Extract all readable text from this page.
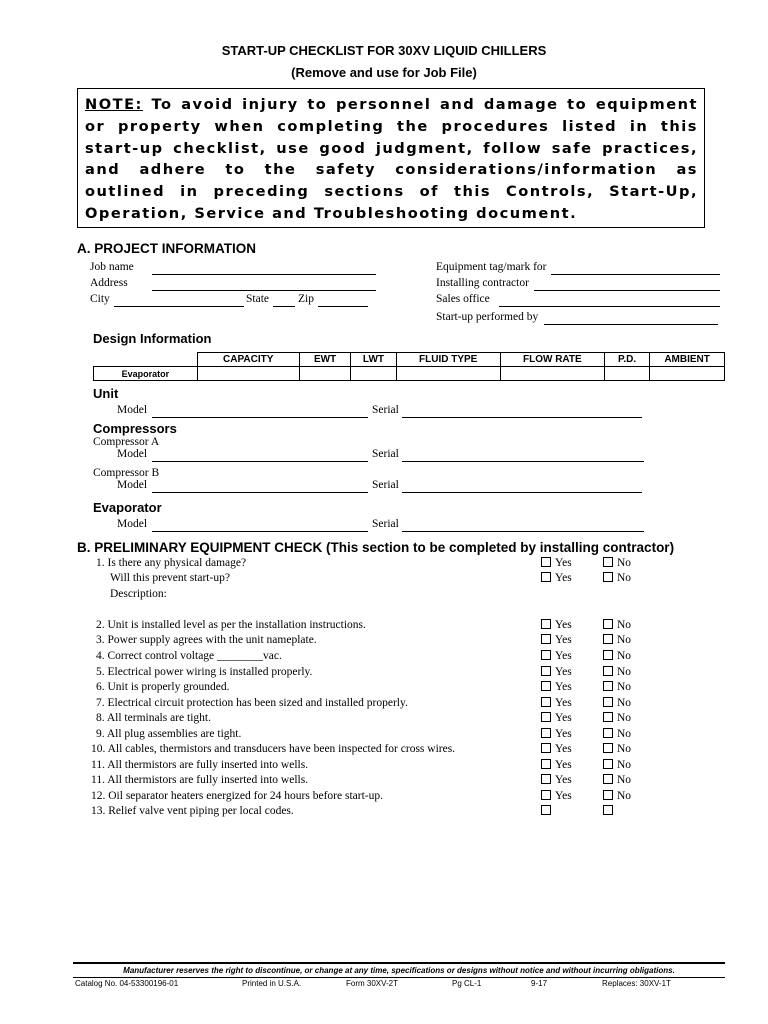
START-UP CHECKLIST FOR 30XV LIQUID CHILLERS
(Remove and use for Job File)
NOTE: To avoid injury to personnel and damage to equipment or property when completing the procedures listed in this start-up checklist, use good judgment, follow safe practices, and adhere to the safety considerations/information as outlined in preceding sections of this Controls, Start-Up, Operation, Service and Troubleshooting document.
A. PROJECT INFORMATION
Job name
Address
City	State	Zip
Equipment tag/mark for
Installing contractor
Sales office
Start-up performed by
Design Information
	CAPACITY	EWT	LWT	FLUID TYPE	FLOW RATE	P.D.	AMBIENT
Evaporator							
Unit
Model	Serial
Compressors
Compressor A
Model	Serial
Compressor B
Model	Serial
Evaporator
Model	Serial
B. PRELIMINARY EQUIPMENT CHECK (This section to be completed by installing contractor)
1. Is there any physical damage?	Yes	No
Will this prevent start-up?	Yes	No
Description:
2. Unit is installed level as per the installation instructions.	Yes	No
3. Power supply agrees with the unit nameplate.	Yes	No
4. Correct control voltage ________vac.	Yes	No
5. Electrical power wiring is installed properly.	Yes	No
6. Unit is properly grounded.	Yes	No
7. Electrical circuit protection has been sized and installed properly.	Yes	No
8. All terminals are tight.	Yes	No
9. All plug assemblies are tight.	Yes	No
10. All cables, thermistors and transducers have been inspected for cross wires.	Yes	No
11. All thermistors are fully inserted into wells.	Yes	No
11. All thermistors are fully inserted into wells.	Yes	No
12. Oil separator heaters energized for 24 hours before start-up.	Yes	No
Manufacturer reserves the right to discontinue, or change at any time, specifications or designs without notice and without incurring obligations.
Catalog No. 04-53300196-01	Printed in U.S.A.	Form 30XV-2T	Pg CL-1	9-17	Replaces: 30XV-1T
13. Relief valve vent piping per local codes.
